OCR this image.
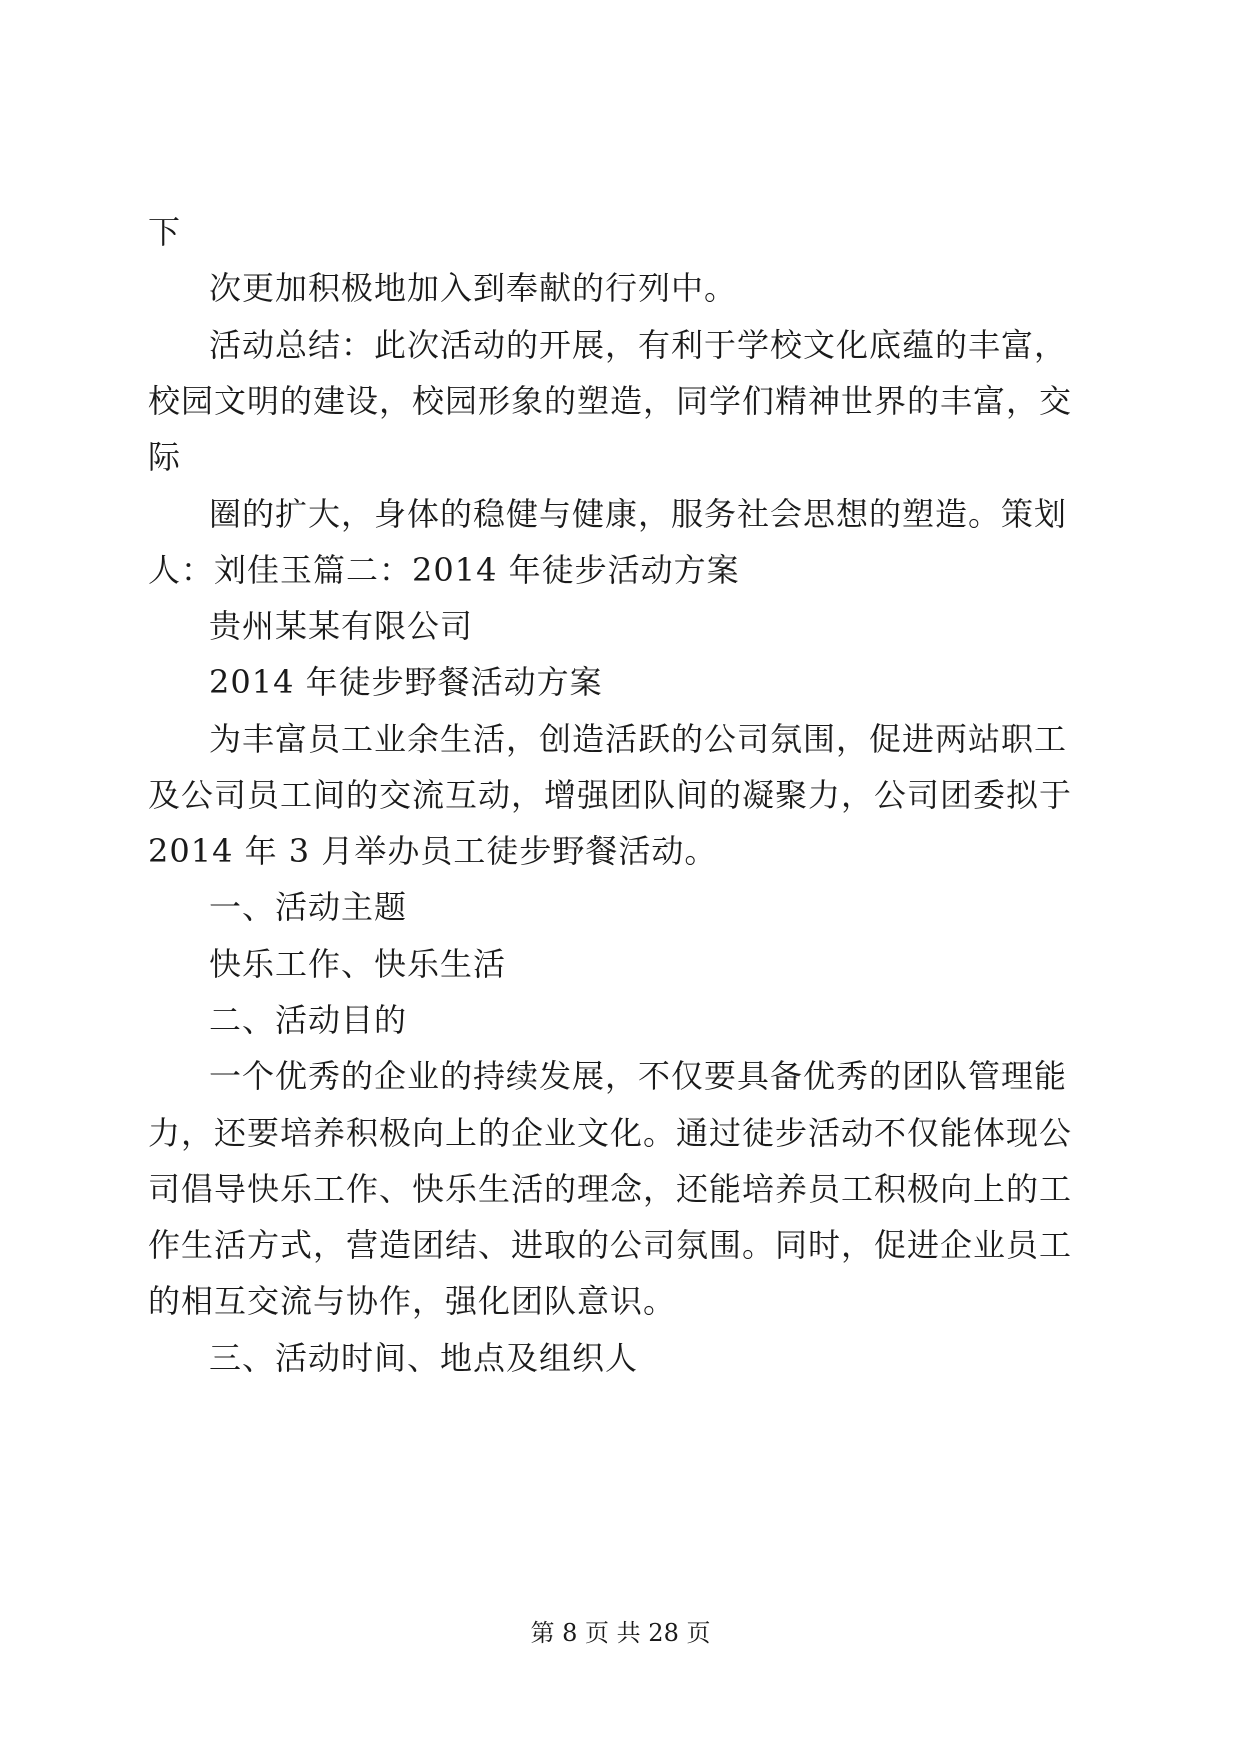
下

次更加积极地加入到奉献的行列中。

活动总结：此次活动的开展，有利于学校文化底蕴的丰富，

校园文明的建设，校园形象的塑造，同学们精神世界的丰富，交

际

圈的扩大，身体的稳健与健康，服务社会思想的塑造。策划

人：刘佳玉篇二：2014 年徒步活动方案

贵州某某有限公司

2014 年徒步野餐活动方案

为丰富员工业余生活，创造活跃的公司氛围，促进两站职工

及公司员工间的交流互动，增强团队间的凝聚力，公司团委拟于

2014 年 3 月举办员工徒步野餐活动。

一、活动主题

快乐工作、快乐生活

二、活动目的

一个优秀的企业的持续发展，不仅要具备优秀的团队管理能

力，还要培养积极向上的企业文化。通过徒步活动不仅能体现公

司倡导快乐工作、快乐生活的理念，还能培养员工积极向上的工

作生活方式，营造团结、进取的公司氛围。同时，促进企业员工

的相互交流与协作，强化团队意识。

三、活动时间、地点及组织人

第 8 页 共 28 页
